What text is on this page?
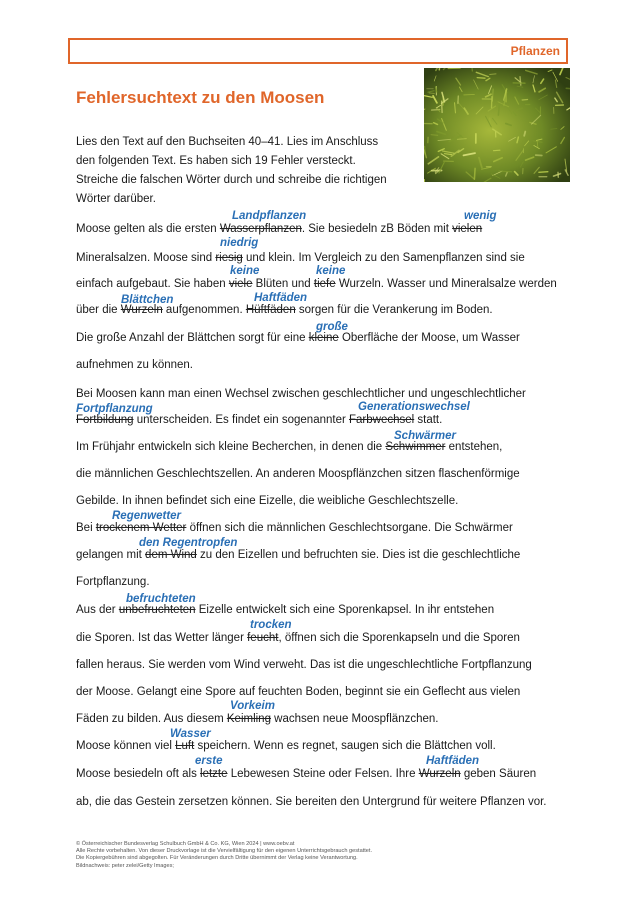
Pflanzen
Fehlersuchtext zu den Moosen
Lies den Text auf den Buchseiten 40–41. Lies im Anschluss
den folgenden Text. Es haben sich 19 Fehler versteckt.
Streiche die falschen Wörter durch und schreibe die richtigen
Wörter darüber.
Moose gelten als die ersten Wasserpflanzen. Sie besiedeln zB Böden mit vielen
Mineralsalzen. Moose sind riesig und klein. Im Vergleich zu den Samenpflanzen sind sie
einfach aufgebaut. Sie haben viele Blüten und tiefe Wurzeln. Wasser und Mineralsalze werden
über die Wurzeln aufgenommen. Hüftfäden sorgen für die Verankerung im Boden.
Die große Anzahl der Blättchen sorgt für eine kleine Oberfläche der Moose, um Wasser
aufnehmen zu können.
Bei Moosen kann man einen Wechsel zwischen geschlechtlicher und ungeschlechtlicher
Fortbildung unterscheiden. Es findet ein sogenannter Farbwechsel statt.
Im Frühjahr entwickeln sich kleine Becherchen, in denen die Schwimmer entstehen,
die männlichen Geschlechtszellen. An anderen Moospflänzchen sitzen flaschenförmige
Gebilde. In ihnen befindet sich eine Eizelle, die weibliche Geschlechtszelle.
Bei trockenem Wetter öffnen sich die männlichen Geschlechtsorgane. Die Schwärmer
gelangen mit dem Wind zu den Eizellen und befruchten sie. Dies ist die geschlechtliche
Fortpflanzung.
Aus der unbefruchteten Eizelle entwickelt sich eine Sporenkapsel. In ihr entstehen
die Sporen. Ist das Wetter länger feucht, öffnen sich die Sporenkapseln und die Sporen
fallen heraus. Sie werden vom Wind verweht. Das ist die ungeschlechtliche Fortpflanzung
der Moose. Gelangt eine Spore auf feuchten Boden, beginnt sie ein Geflecht aus vielen
Fäden zu bilden. Aus diesem Keimling wachsen neue Moospflänzchen.
Moose können viel Luft speichern. Wenn es regnet, saugen sich die Blättchen voll.
Moose besiedeln oft als letzte Lebewesen Steine oder Felsen. Ihre Wurzeln geben Säuren
ab, die das Gestein zersetzen können. Sie bereiten den Untergrund für weitere Pflanzen vor.
Landpflanzen	wenig
niedrig
keine	keine
Blättchen	Haftfäden
große
Fortpflanzung	Generationswechsel
Schwärmer
Regenwetter
den Regentropfen
befruchteten
trocken
Vorkeim
Wasser
erste	Haftfäden
© Österreichischer Bundesverlag Schulbuch GmbH & Co. KG, Wien 2024 | www.oebv.at
Alle Rechte vorbehalten. Von dieser Druckvorlage ist die Vervielfältigung für den eigenen Unterrichtsgebrauch gestattet.
Die Kopiergebühren sind abgegolten. Für Veränderungen durch Dritte übernimmt der Verlag keine Verantwortung.
Bildnachweis: peter zelei/Getty Images;
